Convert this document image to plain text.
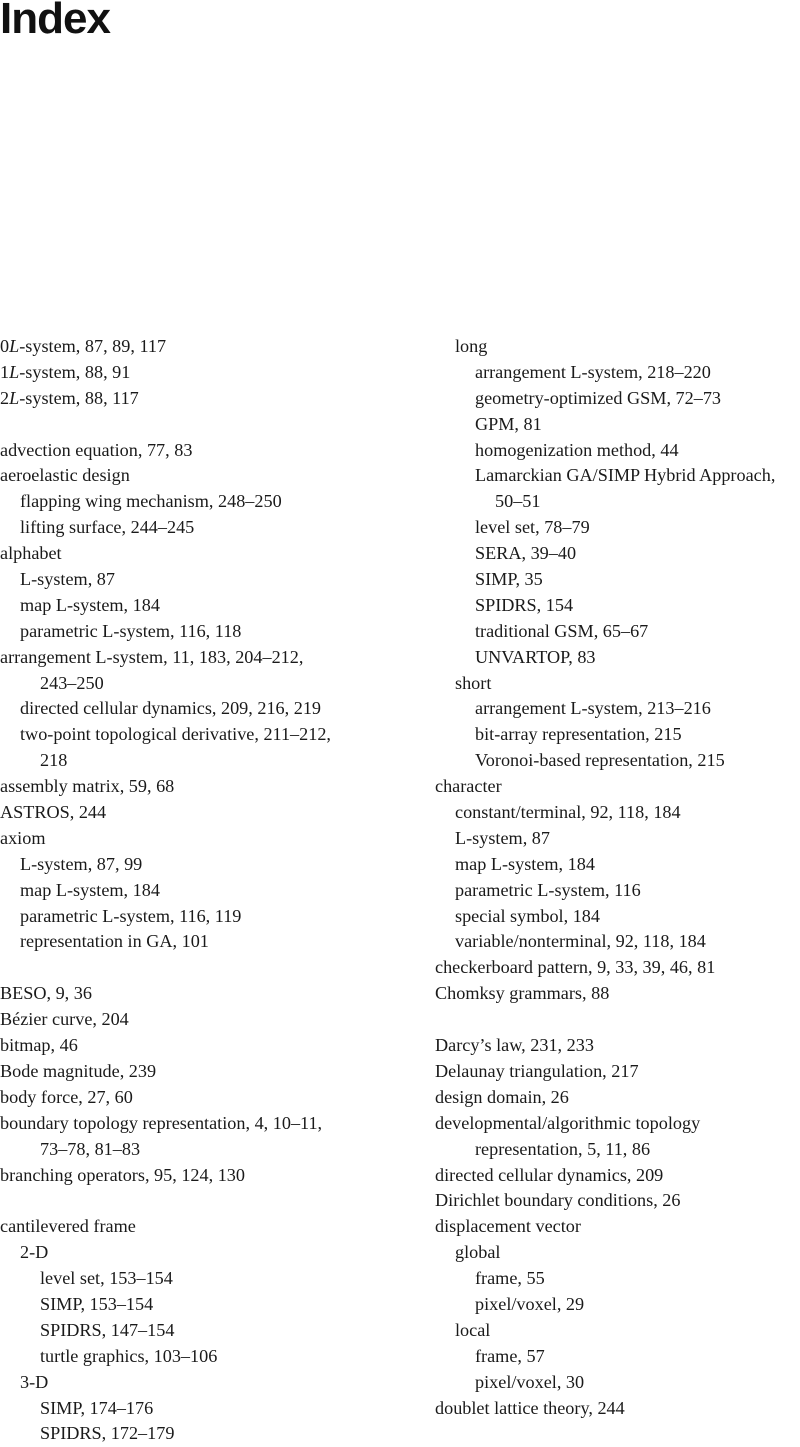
Index
0L-system, 87, 89, 117
1L-system, 88, 91
2L-system, 88, 117
advection equation, 77, 83
aeroelastic design
flapping wing mechanism, 248–250
lifting surface, 244–245
alphabet
L-system, 87
map L-system, 184
parametric L-system, 116, 118
arrangement L-system, 11, 183, 204–212,
243–250
directed cellular dynamics, 209, 216, 219
two-point topological derivative, 211–212,
218
assembly matrix, 59, 68
ASTROS, 244
axiom
L-system, 87, 99
map L-system, 184
parametric L-system, 116, 119
representation in GA, 101
BESO, 9, 36
Bézier curve, 204
bitmap, 46
Bode magnitude, 239
body force, 27, 60
boundary topology representation, 4, 10–11,
73–78, 81–83
branching operators, 95, 124, 130
cantilevered frame
2-D
level set, 153–154
SIMP, 153–154
SPIDRS, 147–154
turtle graphics, 103–106
3-D
SIMP, 174–176
SPIDRS, 172–179
long
arrangement L-system, 218–220
geometry-optimized GSM, 72–73
GPM, 81
homogenization method, 44
Lamarckian GA/SIMP Hybrid Approach,
50–51
level set, 78–79
SERA, 39–40
SIMP, 35
SPIDRS, 154
traditional GSM, 65–67
UNVARTOP, 83
short
arrangement L-system, 213–216
bit-array representation, 215
Voronoi-based representation, 215
character
constant/terminal, 92, 118, 184
L-system, 87
map L-system, 184
parametric L-system, 116
special symbol, 184
variable/nonterminal, 92, 118, 184
checkerboard pattern, 9, 33, 39, 46, 81
Chomksy grammars, 88
Darcy’s law, 231, 233
Delaunay triangulation, 217
design domain, 26
developmental/algorithmic topology
representation, 5, 11, 86
directed cellular dynamics, 209
Dirichlet boundary conditions, 26
displacement vector
global
frame, 55
pixel/voxel, 29
local
frame, 57
pixel/voxel, 30
doublet lattice theory, 244
